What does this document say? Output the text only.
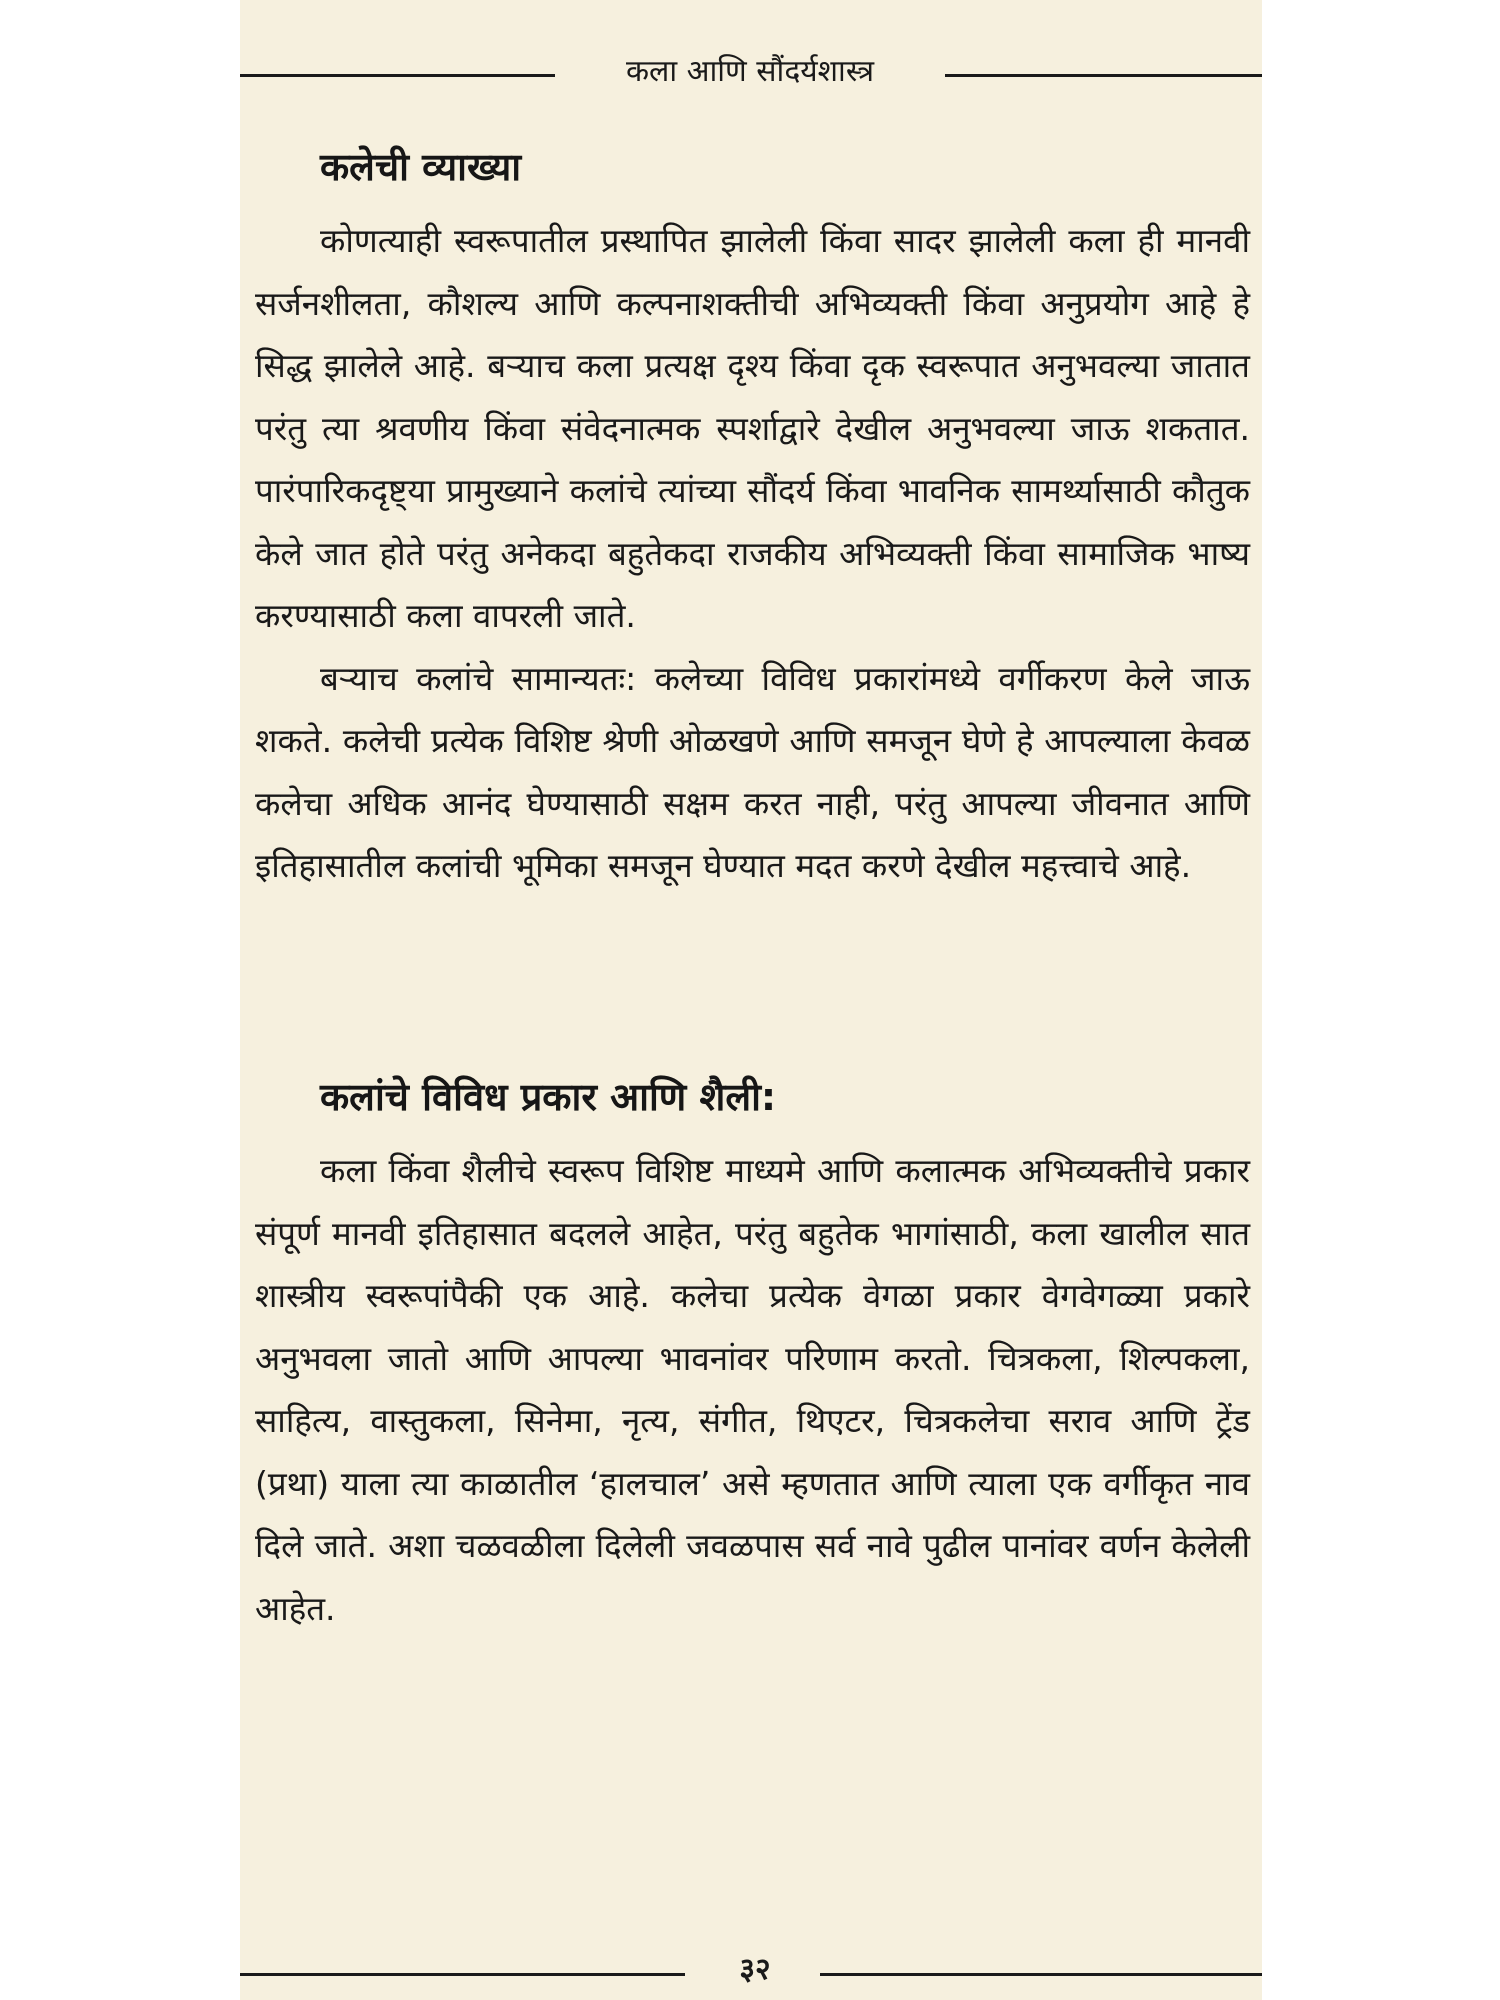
कला आणि सौंदर्यशास्त्र
कलेची व्याख्या

कोणत्याही स्वरूपातील प्रस्थापित झालेली किंवा सादर झालेली कला ही मानवी सर्जनशीलता, कौशल्य आणि कल्पनाशक्तीची अभिव्यक्ती किंवा अनुप्रयोग आहे हे सिद्ध झालेले आहे. बऱ्याच कला प्रत्यक्ष दृश्य किंवा दृक स्वरूपात अनुभवल्या जातात परंतु त्या श्रवणीय किंवा संवेदनात्मक स्पर्शाद्वारे देखील अनुभवल्या जाऊ शकतात. पारंपारिकदृष्ट्या प्रामुख्याने कलांचे त्यांच्या सौंदर्य किंवा भावनिक सामर्थ्यासाठी कौतुक केले जात होते परंतु अनेकदा बहुतेकदा राजकीय अभिव्यक्ती किंवा सामाजिक भाष्य करण्यासाठी कला वापरली जाते.

बऱ्याच कलांचे सामान्यतः: कलेच्या विविध प्रकारांमध्ये वर्गीकरण केले जाऊ शकते. कलेची प्रत्येक विशिष्ट श्रेणी ओळखणे आणि समजून घेणे हे आपल्याला केवळ कलेचा अधिक आनंद घेण्यासाठी सक्षम करत नाही, परंतु आपल्या जीवनात आणि इतिहासातील कलांची भूमिका समजून घेण्यात मदत करणे देखील महत्त्वाचे आहे.

कलांचे विविध प्रकार आणि शैली:

कला किंवा शैलीचे स्वरूप विशिष्ट माध्यमे आणि कलात्मक अभिव्यक्तीचे प्रकार संपूर्ण मानवी इतिहासात बदलले आहेत, परंतु बहुतेक भागांसाठी, कला खालील सात शास्त्रीय स्वरूपांपैकी एक आहे. कलेचा प्रत्येक वेगळा प्रकार वेगवेगळ्या प्रकारे अनुभवला जातो आणि आपल्या भावनांवर परिणाम करतो. चित्रकला, शिल्पकला, साहित्य, वास्तुकला, सिनेमा, नृत्य, संगीत, थिएटर, चित्रकलेचा सराव आणि ट्रेंड (प्रथा) याला त्या काळातील ‘हालचाल’ असे म्हणतात आणि त्याला एक वर्गीकृत नाव दिले जाते. अशा चळवळीला दिलेली जवळपास सर्व नावे पुढील पानांवर वर्णन केलेली आहेत.

३२
